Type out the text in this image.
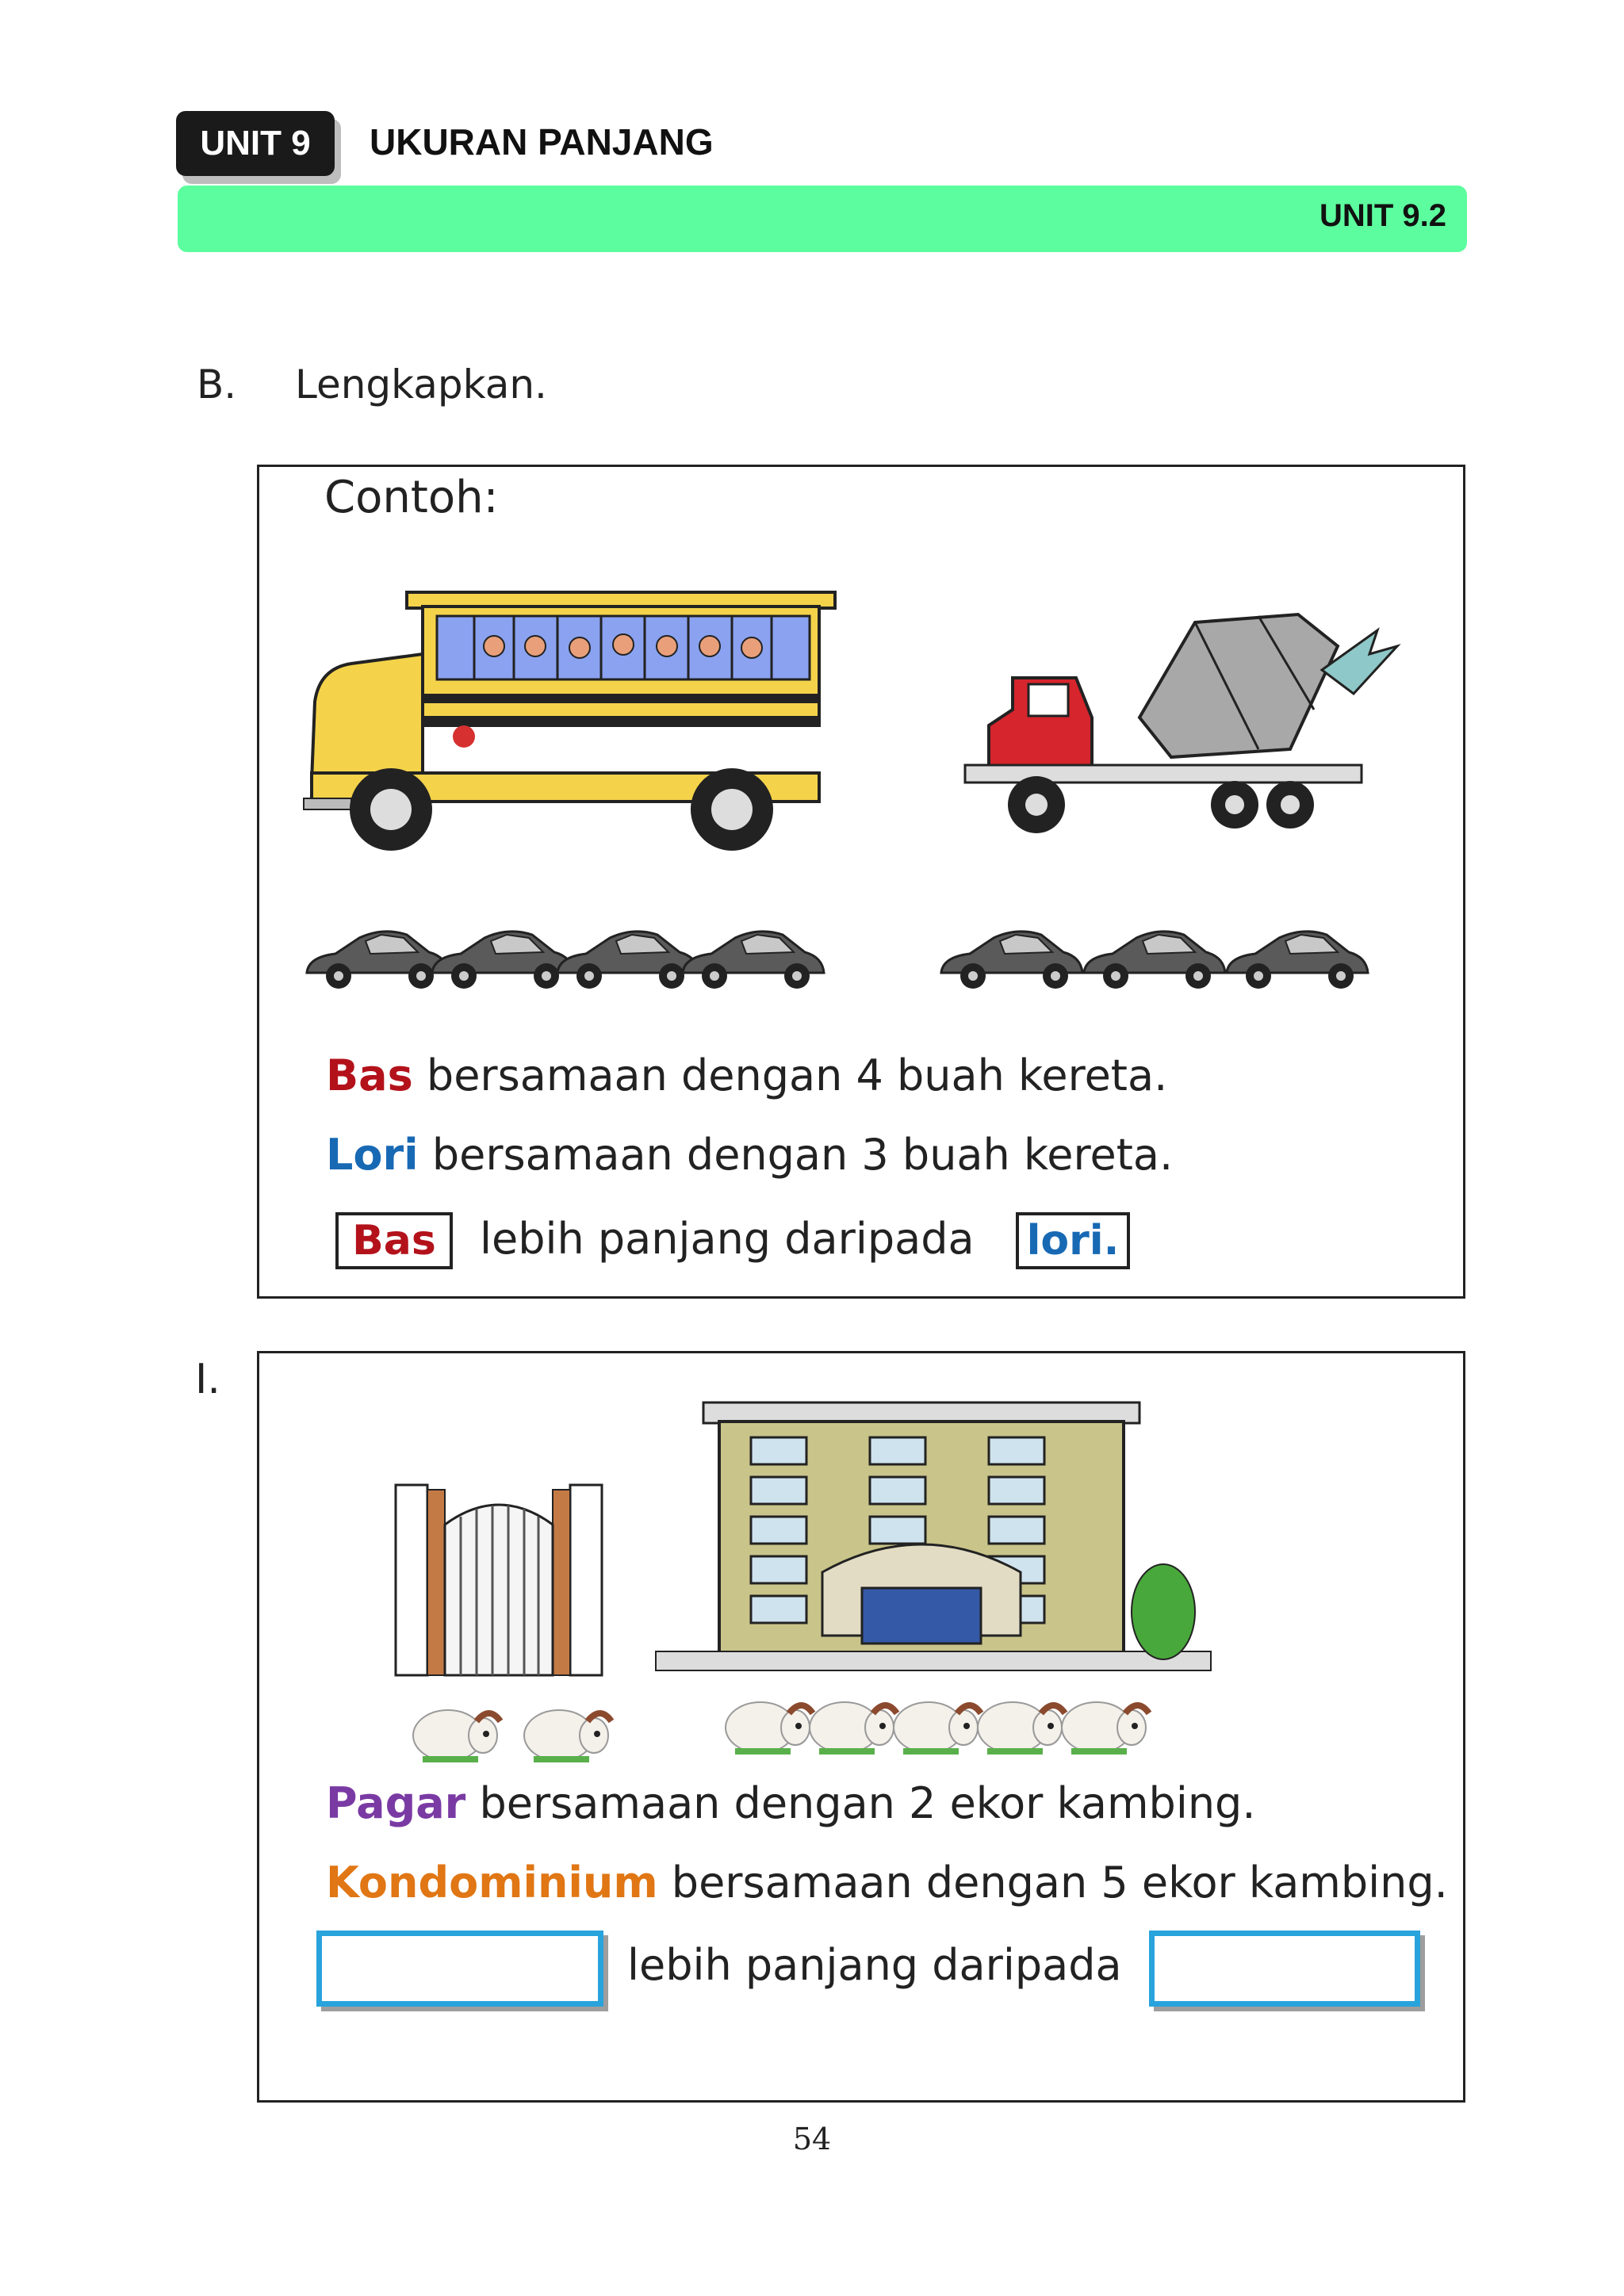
UNIT 9	UKURAN PANJANG
UNIT 9.2
B. Lengkapkan.
Contoh:
Bas bersamaan dengan 4 buah kereta.
Lori bersamaan dengan 3 buah kereta.
Bas	lebih panjang daripada lori.
I.
Pagar bersamaan dengan 2 ekor kambing.
Kondominium bersamaan dengan 5 ekor kambing.
lebih panjang daripada
54
